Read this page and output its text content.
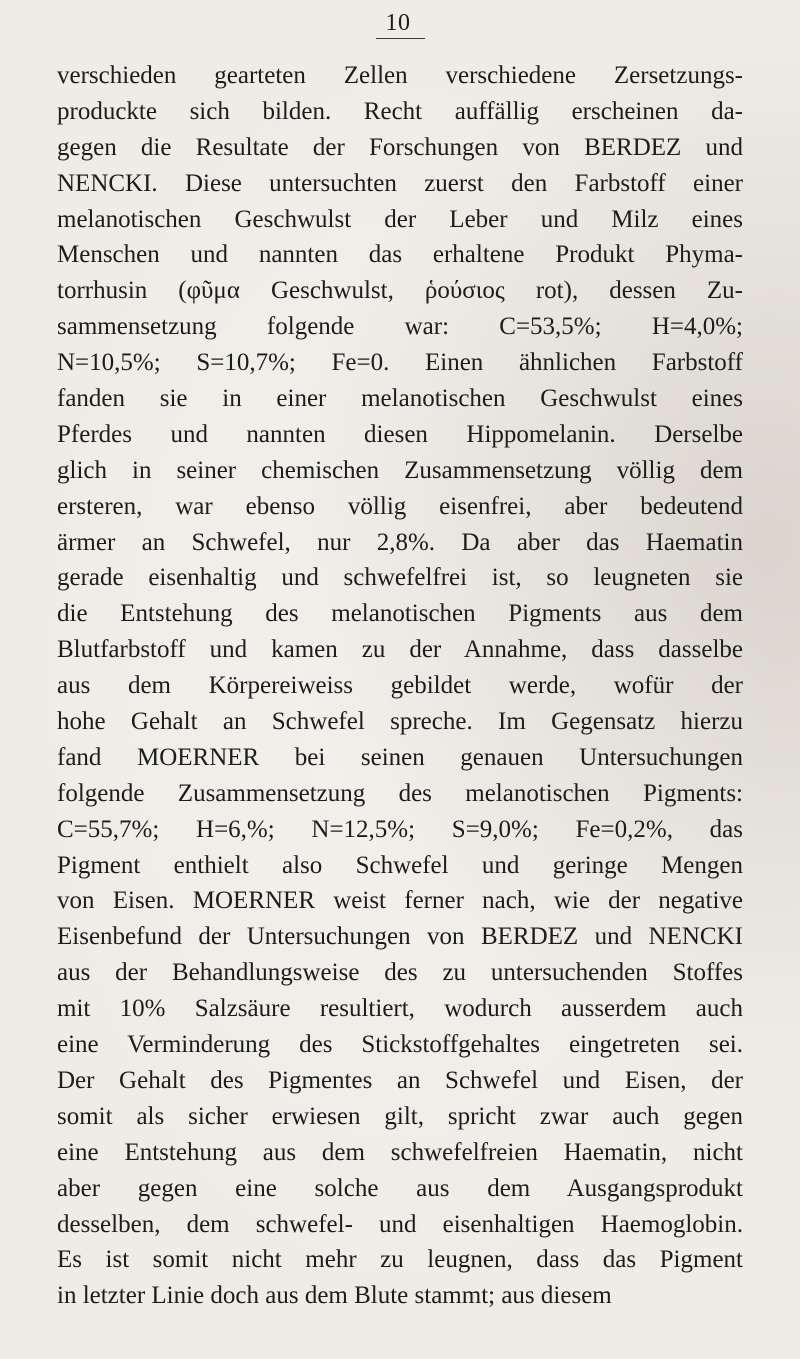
10
verschieden gearteten Zellen verschiedene Zersetzungs-
produckte sich bilden. Recht auffällig erscheinen da-
gegen die Resultate der Forschungen von BERDEZ und
NENCKI. Diese untersuchten zuerst den Farbstoff einer
melanotischen Geschwulst der Leber und Milz eines
Menschen und nannten das erhaltene Produkt Phyma-
torrhusin (φῦμα Geschwulst, ῥούσιος rot), dessen Zu-
sammensetzung folgende war: C=53,5%; H=4,0%;
N=10,5%; S=10,7%; Fe=0. Einen ähnlichen Farbstoff
fanden sie in einer melanotischen Geschwulst eines
Pferdes und nannten diesen Hippomelanin. Derselbe
glich in seiner chemischen Zusammensetzung völlig dem
ersteren, war ebenso völlig eisenfrei, aber bedeutend
ärmer an Schwefel, nur 2,8%. Da aber das Haematin
gerade eisenhaltig und schwefelfrei ist, so leugneten sie
die Entstehung des melanotischen Pigments aus dem
Blutfarbstoff und kamen zu der Annahme, dass dasselbe
aus dem Körpereiweiss gebildet werde, wofür der
hohe Gehalt an Schwefel spreche. Im Gegensatz hierzu
fand MOERNER bei seinen genauen Untersuchungen
folgende Zusammensetzung des melanotischen Pigments:
C=55,7%; H=6,%; N=12,5%; S=9,0%; Fe=0,2%, das
Pigment enthielt also Schwefel und geringe Mengen
von Eisen. MOERNER weist ferner nach, wie der negative
Eisenbefund der Untersuchungen von BERDEZ und NENCKI
aus der Behandlungsweise des zu untersuchenden Stoffes
mit 10% Salzsäure resultiert, wodurch ausserdem auch
eine Verminderung des Stickstoffgehaltes eingetreten sei.
Der Gehalt des Pigmentes an Schwefel und Eisen, der
somit als sicher erwiesen gilt, spricht zwar auch gegen
eine Entstehung aus dem schwefelfreien Haematin, nicht
aber gegen eine solche aus dem Ausgangsprodukt
desselben, dem schwefel- und eisenhaltigen Haemoglobin.
Es ist somit nicht mehr zu leugnen, dass das Pigment
in letzter Linie doch aus dem Blute stammt; aus diesem
